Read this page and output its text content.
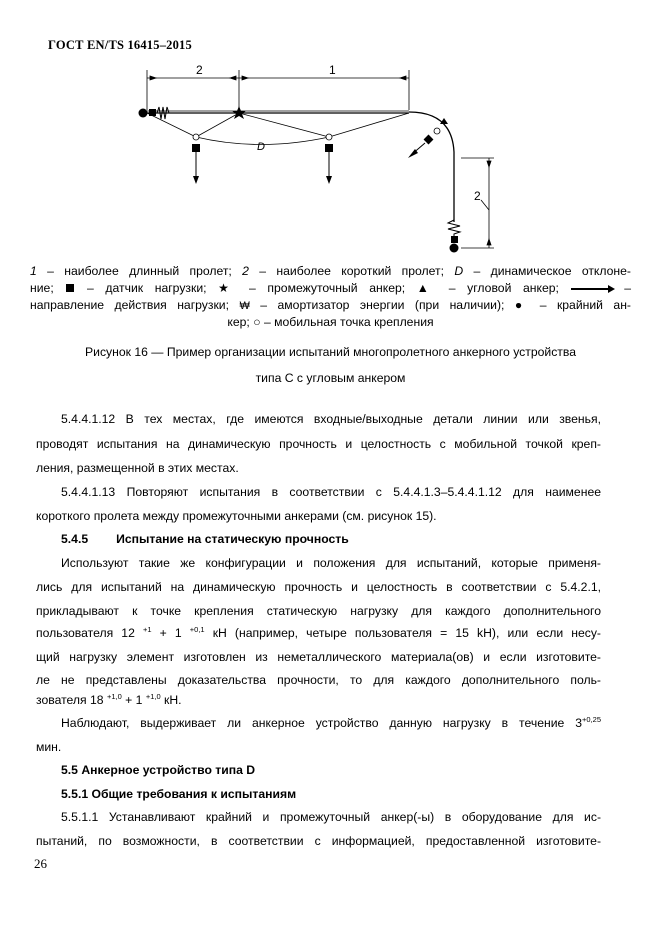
ГОСТ EN/TS 16415–2015
2	1
D
2
1 – наиболее длинный пролет; 2 – наиболее короткий пролет; D – динамическое отклоне-
ние;  – датчик нагрузки; ★ – промежуточный анкер; ▲ – угловой анкер;	–
направление действия нагрузки; ₩ – амортизатор энергии (при наличии); ● – крайний ан-
кер; ○ – мобильная точка крепления
Рисунок 16 — Пример организации испытаний многопролетного анкерного устройства
типа С с угловым анкером
5.4.4.1.12 В тех местах, где имеются входные/выходные детали линии или звенья,
проводят испытания на динамическую прочность и целостность с мобильной точкой креп-
ления, размещенной в этих местах.
5.4.4.1.13 Повторяют испытания в соответствии с 5.4.4.1.3–5.4.4.1.12 для наименее
короткого пролета между промежуточными анкерами (см. рисунок 15).
5.4.5 Испытание на статическую прочность
Используют такие же конфигурации и положения для испытаний, которые применя-
лись для испытаний на динамическую прочность и целостность в соответствии с 5.4.2.1,
прикладывают к точке крепления статическую нагрузку для каждого дополнительного
пользователя 12 $^{+1}$ + 1 $^{+0,1}$ кН (например, четыре пользователя = 15 kH), или если несу-
щий нагрузку элемент изготовлен из неметаллического материала(ов) и если изготовите-
ле не представлены доказательства прочности, то для каждого дополнительного поль-
зователя 18 $^{+1,0}$ + 1 $^{+1,0}$ кН.
Наблюдают, выдерживает ли анкерное устройство данную нагрузку в течение $3^{+0,25}$
мин.
5.5 Анкерное устройство типа D
5.5.1 Общие требования к испытаниям
5.5.1.1 Устанавливают крайний и промежуточный анкер(-ы) в оборудование для ис-
пытаний, по возможности, в соответствии с информацией, предоставленной изготовите-
26
